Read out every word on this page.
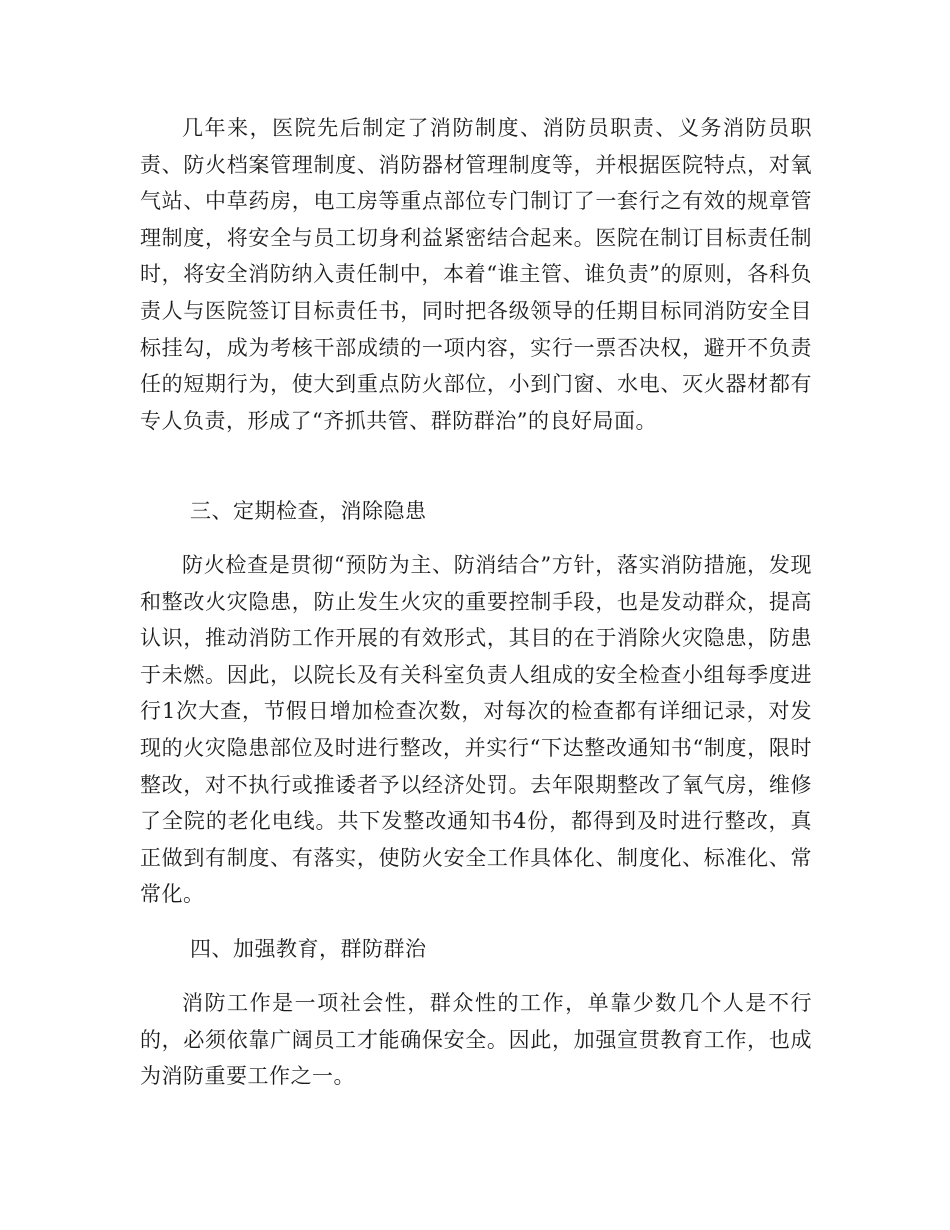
几年来，医院先后制定了消防制度、消防员职责、义务消防员职责、防火档案管理制度、消防器材管理制度等，并根据医院特点，对氧气站、中草药房，电工房等重点部位专门制订了一套行之有效的规章管理制度，将安全与员工切身利益紧密结合起来。医院在制订目标责任制时，将安全消防纳入责任制中，本着“谁主管、谁负责”的原则，各科负责人与医院签订目标责任书，同时把各级领导的任期目标同消防安全目标挂勾，成为考核干部成绩的一项内容，实行一票否决权，避开不负责任的短期行为，使大到重点防火部位，小到门窗、水电、灭火器材都有专人负责，形成了“齐抓共管、群防群治”的良好局面。

三、定期检查，消除隐患

防火检查是贯彻“预防为主、防消结合”方针，落实消防措施，发现和整改火灾隐患，防止发生火灾的重要控制手段，也是发动群众，提高认识，推动消防工作开展的有效形式，其目的在于消除火灾隐患，防患于未燃。因此，以院长及有关科室负责人组成的安全检查小组每季度进行1次大查，节假日增加检查次数，对每次的检查都有详细记录，对发现的火灾隐患部位及时进行整改，并实行“下达整改通知书“制度，限时整改，对不执行或推诿者予以经济处罚。去年限期整改了氧气房，维修了全院的老化电线。共下发整改通知书4份，都得到及时进行整改，真正做到有制度、有落实，使防火安全工作具体化、制度化、标准化、常常化。

四、加强教育，群防群治

消防工作是一项社会性，群众性的工作，单靠少数几个人是不行的，必须依靠广阔员工才能确保安全。因此，加强宣贯教育工作，也成为消防重要工作之一。
